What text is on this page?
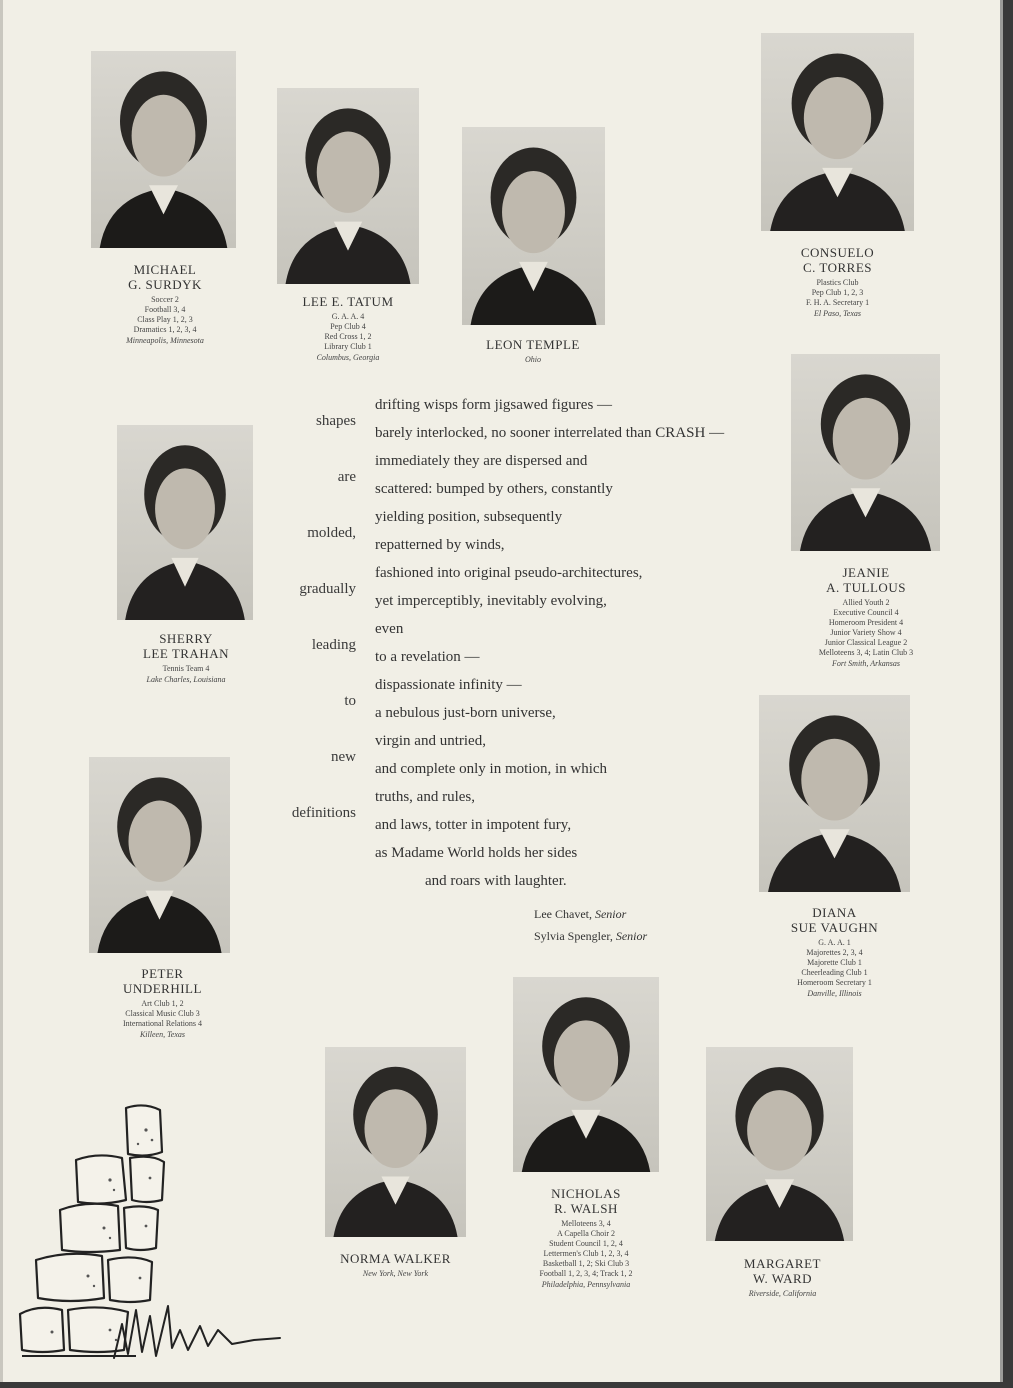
MICHAEL
G. SURDYK
Soccer 2
Football 3, 4
Class Play 1, 2, 3
Dramatics 1, 2, 3, 4
Minneapolis, Minnesota
LEE E. TATUM
G. A. A. 4
Pep Club 4
Red Cross 1, 2
Library Club 1
Columbus, Georgia
LEON TEMPLE
Ohio
CONSUELO
C. TORRES
Plastics Club
Pep Club 1, 2, 3
F. H. A. Secretary 1
El Paso, Texas
SHERRY
LEE TRAHAN
Tennis Team 4
Lake Charles, Louisiana
JEANIE
A. TULLOUS
Allied Youth 2
Executive Council 4
Homeroom President 4
Junior Variety Show 4
Junior Classical League 2
Melloteens 3, 4; Latin Club 3
Fort Smith, Arkansas
PETER
UNDERHILL
Art Club 1, 2
Classical Music Club 3
International Relations 4
Killeen, Texas
DIANA
SUE VAUGHN
G. A. A. 1
Majorettes 2, 3, 4
Majorette Club 1
Cheerleading Club 1
Homeroom Secretary 1
Danville, Illinois
NORMA WALKER
New York, New York
NICHOLAS
R. WALSH
Melloteens 3, 4
A Capella Choir 2
Student Council 1, 2, 4
Lettermen's Club 1, 2, 3, 4
Basketball 1, 2; Ski Club 3
Football 1, 2, 3, 4; Track 1, 2
Philadelphia, Pennsylvania
MARGARET
W. WARD
Riverside, California
shapes
are
molded,
gradually
leading
to
new
definitions
drifting wisps form jigsawed figures —
barely interlocked, no sooner interrelated than CRASH —
immediately they are dispersed and
scattered: bumped by others, constantly
yielding position, subsequently
repatterned by winds,
fashioned into original pseudo-architectures,
yet imperceptibly, inevitably evolving,
even
to a revelation —
dispassionate infinity —
a nebulous just-born universe,
virgin and untried,
and complete only in motion, in which
truths, and rules,
and laws, totter in impotent fury,
as Madame World holds her sides
and roars with laughter.
Lee Chavet, Senior
Sylvia Spengler, Senior
